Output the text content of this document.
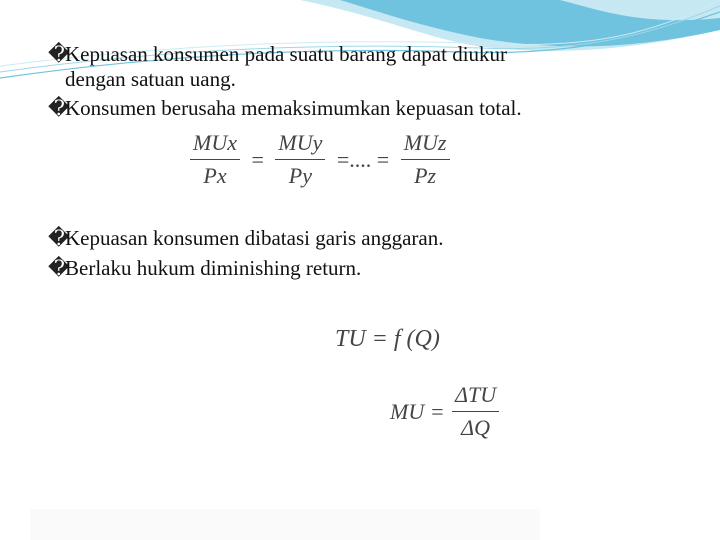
�Kepuasan konsumen pada suatu barang dapat diukur
dengan satuan uang.
�Konsumen berusaha memaksimumkan kepuasan total.
$\frac{\text{MUx}}{Px} = \frac{\text{MUy}}{Py}$ =.... = $\frac{\text{MUz}}{Pz}$
�Kepuasan konsumen dibatasi garis anggaran.
�Berlaku hukum diminishing return.
TU = f (Q)
MU = $\frac{\text{ΔTU}}{\Delta Q}$
